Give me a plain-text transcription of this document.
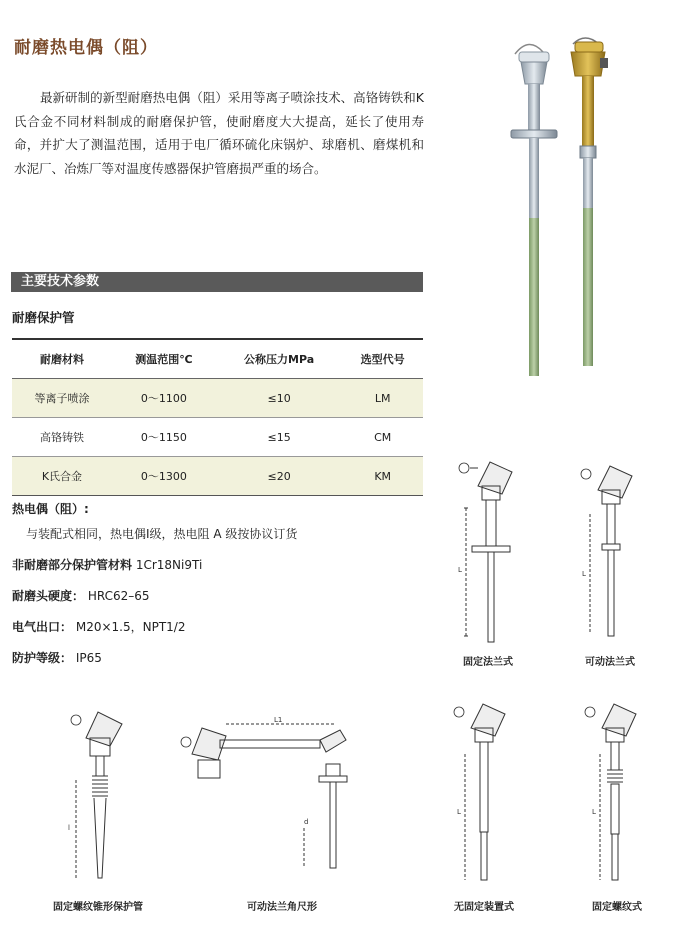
耐磨热电偶（阻）
最新研制的新型耐磨热电偶（阻）采用等离子喷涂技术、高铬铸铁和K氏合金不同材料制成的耐磨保护管，使耐磨度大大提高，延长了使用寿命，并扩大了测温范围，适用于电厂循环硫化床锅炉、球磨机、磨煤机和水泥厂、冶炼厂等对温度传感器保护管磨损严重的场合。
主要技术参数
耐磨保护管
耐磨材料	测温范围℃	公称压力MPa	选型代号
等离子喷涂	0～1100	≤10	LM
高铬铸铁	0～1150	≤15	CM
K氏合金	0～1300	≤20	KM
热电偶（阻）:
与装配式相同，热电偶Ⅰ级，热电阻 A 级按协议订货
非耐磨部分保护管材料 1Cr18Ni9Ti
耐磨头硬度： HRC62–65
电气出口： M20×1.5，NPT1/2
防护等级： IP65
L
固定法兰式
L
可动法兰式
l
固定螺纹锥形保护管
L1
d
可动法兰角尺形
L
无固定装置式
L
固定螺纹式
